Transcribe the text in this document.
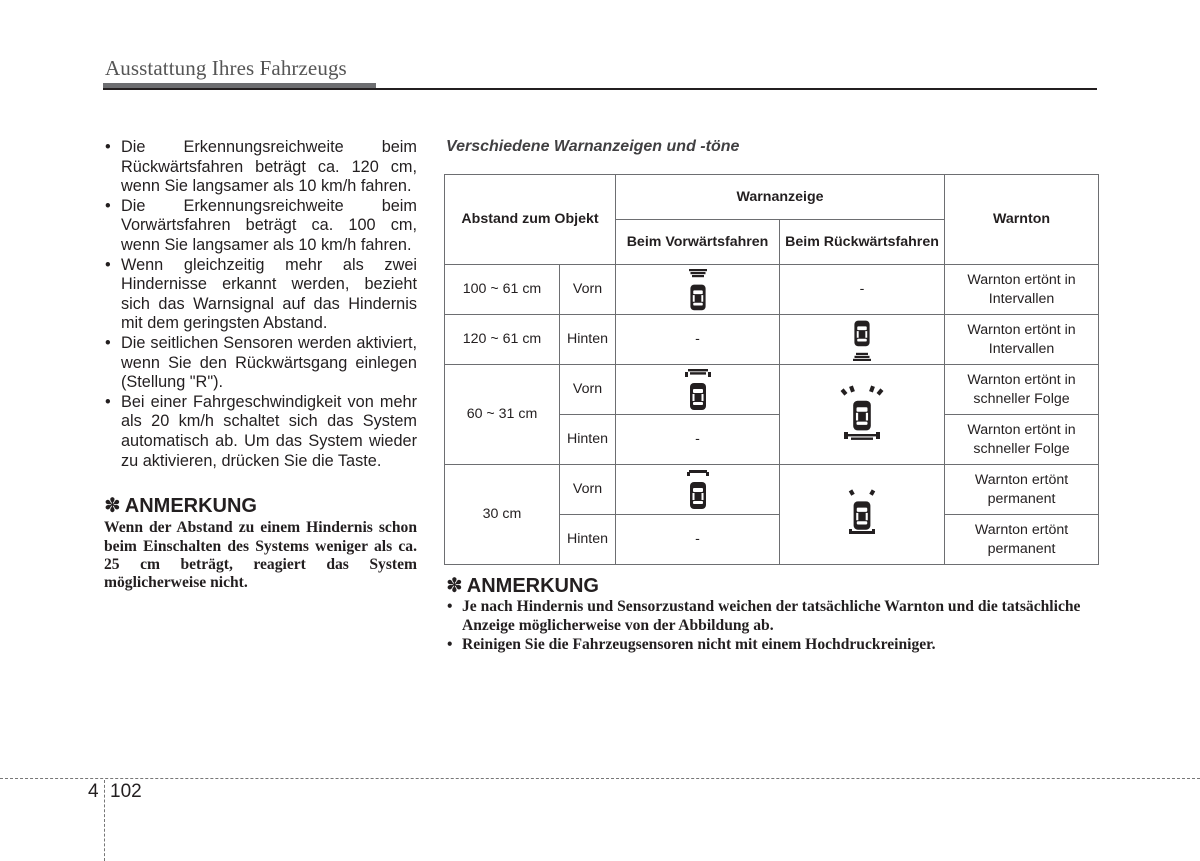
Ausstattung Ihres Fahrzeugs
• Die Erkennungsreichweite beim Rückwärtsfahren beträgt ca. 120 cm, wenn Sie langsamer als 10 km/h fahren.
• Die Erkennungsreichweite beim Vorwärtsfahren beträgt ca. 100 cm, wenn Sie langsamer als 10 km/h fahren.
• Wenn gleichzeitig mehr als zwei Hindernisse erkannt werden, bezieht sich das Warnsignal auf das Hindernis mit dem geringsten Abstand.
• Die seitlichen Sensoren werden aktiviert, wenn Sie den Rückwärtsgang einlegen (Stellung "R").
• Bei einer Fahrgeschwindigkeit von mehr als 20 km/h schaltet sich das System automatisch ab. Um das System wieder zu aktivieren, drücken Sie die Taste.
✽ ANMERKUNG
Wenn der Abstand zu einem Hindernis schon beim Einschalten des Systems weniger als ca. 25 cm beträgt, reagiert das System möglicherweise nicht.
Verschiedene Warnanzeigen und -töne
Abstand zum Objekt		Warnanzeige		Warnton
		Beim Vorwärtsfahren	Beim Rückwärtsfahren	
100 ~ 61 cm	Vorn		-	Warnton ertönt in Intervallen
120 ~ 61 cm	Hinten	-		Warnton ertönt in Intervallen
60 ~ 31 cm	Vorn			Warnton ertönt in schneller Folge
	Hinten	-		Warnton ertönt in schneller Folge
30 cm	Vorn			Warnton ertönt permanent
	Hinten	-		Warnton ertönt permanent
✽ ANMERKUNG
• Je nach Hindernis und Sensorzustand weichen der tatsächliche Warnton und die tatsächliche Anzeige möglicherweise von der Abbildung ab.
• Reinigen Sie die Fahrzeugsensoren nicht mit einem Hochdruckreiniger.
4 102
